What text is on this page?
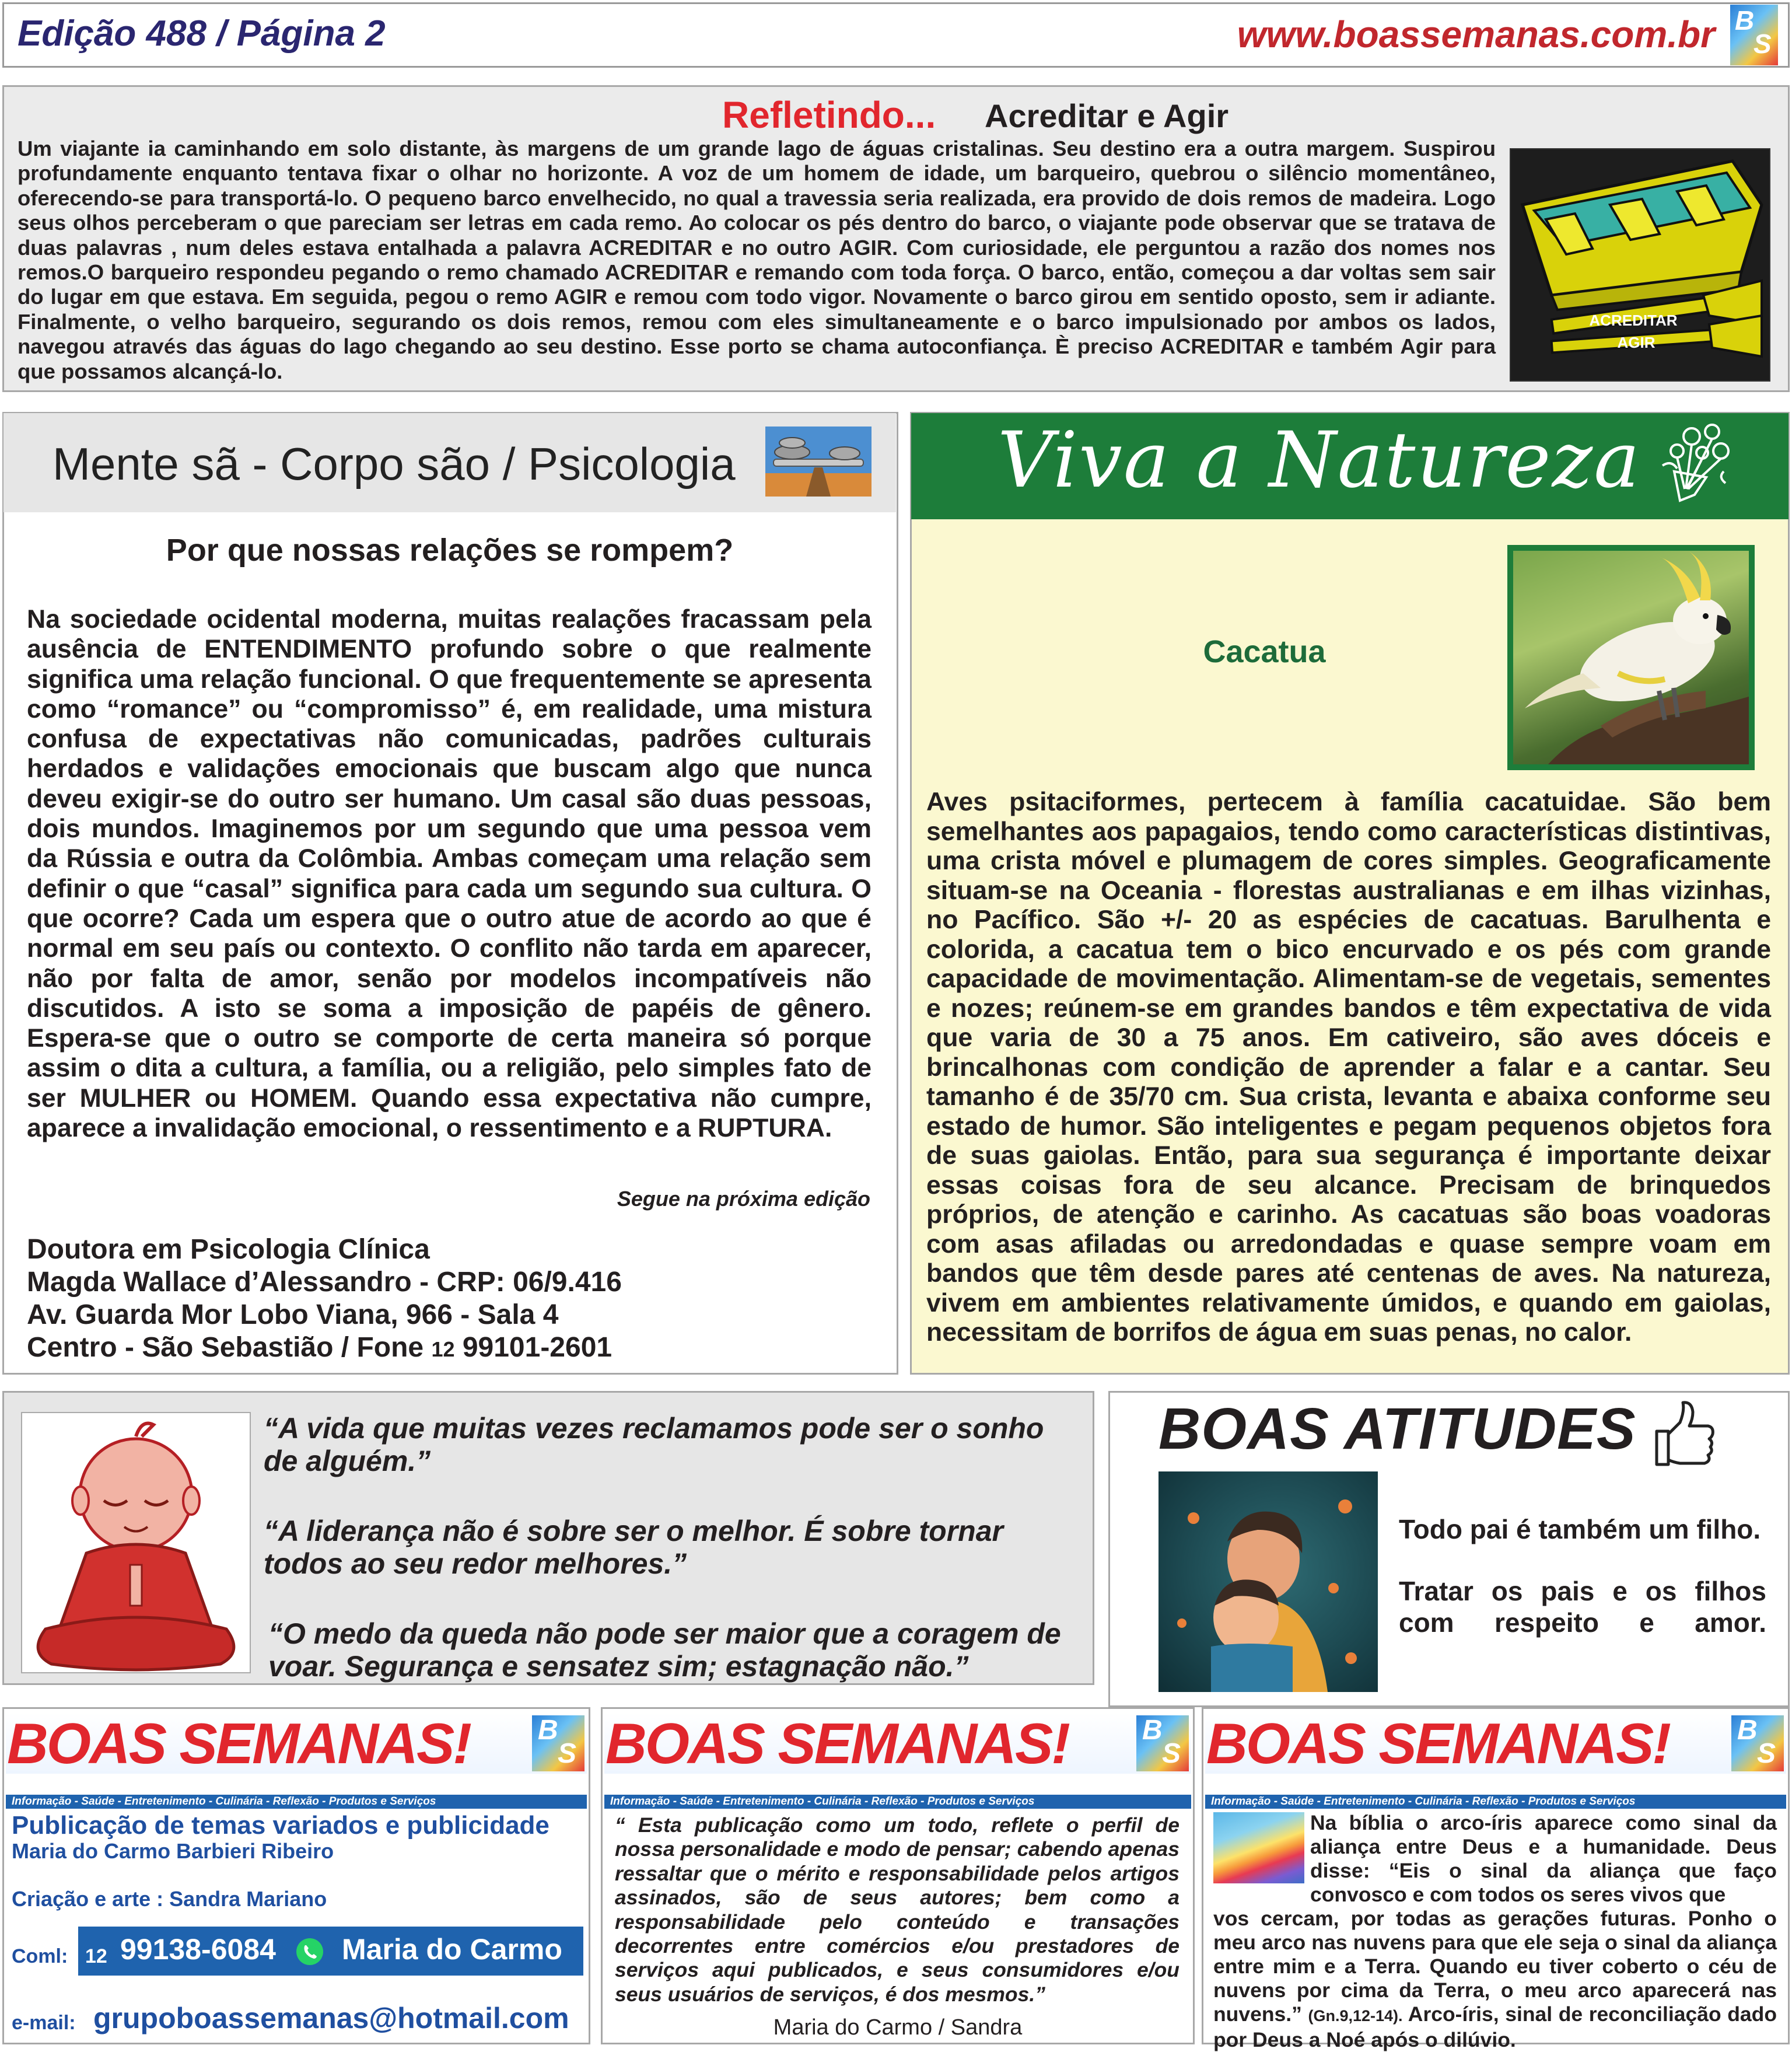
Edição 488 / Página 2	www.boassemanas.com.br B
S
Refletindo... Acreditar e Agir
Um viajante ia caminhando em solo distante, às margens de um grande lago de águas cristalinas. Seu destino era a outra margem. Suspirou profundamente enquanto tentava fixar o olhar no horizonte. A voz de um homem de idade, um barqueiro, quebrou o silêncio momentâneo, oferecendo-se para transportá-lo. O pequeno barco envelhecido, no qual a travessia seria realizada, era provido de dois remos de madeira. Logo seus olhos perceberam o que pareciam ser letras em cada remo. Ao colocar os pés dentro do barco, o viajante pode observar que se tratava de duas palavras , num deles estava entalhada a palavra ACREDITAR e no outro AGIR. Com curiosidade, ele perguntou a razão dos nomes nos remos.O barqueiro respondeu pegando o remo chamado ACREDITAR e remando com toda força. O barco, então, começou a dar voltas sem sair do lugar em que estava. Em seguida, pegou o remo AGIR e remou com todo vigor. Novamente o barco girou em sentido oposto, sem ir adiante. Finalmente, o velho barqueiro, segurando os dois remos, remou com eles simultaneamente e o barco impulsionado por ambos os lados, navegou através das águas do lago chegando ao seu destino. Esse porto se chama autoconfiança. È preciso ACREDITAR e também Agir para que possamos alcançá-lo.
ACREDITAR
AGIR
Mente sã - Corpo são / Psicologia
Por que nossas relações se rompem?
Na sociedade ocidental moderna, muitas realações fracassam pela ausência de ENTENDIMENTO profundo sobre o que realmente significa uma relação funcional. O que frequentemente se apresenta como “romance” ou “compromisso” é, em realidade, uma mistura confusa de expectativas não comunicadas, padrões culturais herdados e validações emocionais que buscam algo que nunca deveu exigir-se do outro ser humano. Um casal são duas pessoas, dois mundos. Imaginemos por um segundo que uma pessoa vem da Rússia e outra da Colômbia. Ambas começam uma relação sem definir o que “casal” significa para cada um segundo sua cultura. O que ocorre? Cada um espera que o outro atue de acordo ao que é normal em seu país ou contexto. O conflito não tarda em aparecer, não por falta de amor, senão por modelos incompatíveis não discutidos. A isto se soma a imposição de papéis de gênero. Espera-se que o outro se comporte de certa maneira só porque assim o dita a cultura, a família, ou a religião, pelo simples fato de ser MULHER ou HOMEM. Quando essa expectativa não cumpre, aparece a invalidação emocional, o ressentimento e a RUPTURA.
Segue na próxima edição
Doutora em Psicologia Clínica
Magda Wallace d’Alessandro - CRP: 06/9.416
Av. Guarda Mor Lobo Viana, 966 - Sala 4
Centro - São Sebastião / Fone 12 99101-2601
Viva a Natureza
Cacatua
Aves psitaciformes, pertecem à família cacatuidae. São bem semelhantes aos papagaios, tendo como características distintivas, uma crista móvel e plumagem de cores simples. Geograficamente situam-se na Oceania - florestas australianas e em ilhas vizinhas, no Pacífico. São +/- 20 as espécies de cacatuas. Barulhenta e colorida, a cacatua tem o bico encurvado e os pés com grande capacidade de movimentação. Alimentam-se de vegetais, sementes e nozes; reúnem-se em grandes bandos e têm expectativa de vida que varia de 30 a 75 anos. Em cativeiro, são aves dóceis e brincalhonas com condição de aprender a falar e a cantar. Seu tamanho é de 35/70 cm. Sua crista, levanta e abaixa conforme seu estado de humor. São inteligentes e pegam pequenos objetos fora de suas gaiolas. Então, para sua segurança é importante deixar essas coisas fora de seu alcance. Precisam de brinquedos próprios, de atenção e carinho. As cacatuas são boas voadoras com asas afiladas ou arredondadas e quase sempre voam em bandos que têm desde pares até centenas de aves. Na natureza, vivem em ambientes relativamente úmidos, e quando em gaiolas, necessitam de borrifos de água em suas penas, no calor.
“A vida que muitas vezes reclamamos pode ser o sonho de alguém.”
“A liderança não é sobre ser o melhor. É sobre tornar todos ao seu redor melhores.”
“O medo da queda não pode ser maior que a coragem de voar. Segurança e sensatez sim; estagnação não.”
BOAS ATITUDES
Todo pai é também um filho.
Tratar os pais e os filhos com respeito e amor.
BOAS SEMANAS! B
S
Informação - Saúde - Entretenimento - Culinária - Reflexão - Produtos e Serviços
Publicação de temas variados e publicidade
Maria do Carmo Barbieri Ribeiro
Criação e arte : Sandra Mariano
Coml: 12 99138-6084 Maria do Carmo
e-mail: grupoboassemanas@hotmail.com
BOAS SEMANAS!	B
S
Informação - Saúde - Entretenimento - Culinária - Reflexão - Produtos e Serviços
“ Esta publicação como um todo, reflete o perfil de nossa personalidade e modo de pensar; cabendo apenas ressaltar que o mérito e responsabilidade pelos artigos assinados, são de seus autores; bem como a responsabilidade pelo conteúdo e transações decorrentes entre comércios e/ou prestadores de serviços aqui publicados, e seus consumidores e/ou seus usuários de serviços, é dos mesmos.”
Maria do Carmo / Sandra
BOAS SEMANAS! B
S
Informação - Saúde - Entretenimento - Culinária - Reflexão - Produtos e Serviços
Na bíblia o arco-íris aparece como sinal da aliança entre Deus e a humanidade. Deus disse: “Eis o sinal da aliança que faço convosco e com todos os seres vivos que
vos cercam, por todas as gerações futuras. Ponho o meu arco nas nuvens para que ele seja o sinal da aliança entre mim e a Terra. Quando eu tiver coberto o céu de nuvens por cima da Terra, o meu arco aparecerá nas nuvens.” (Gn.9,12-14). Arco-íris, sinal de reconciliação dado por Deus a Noé após o dilúvio.
